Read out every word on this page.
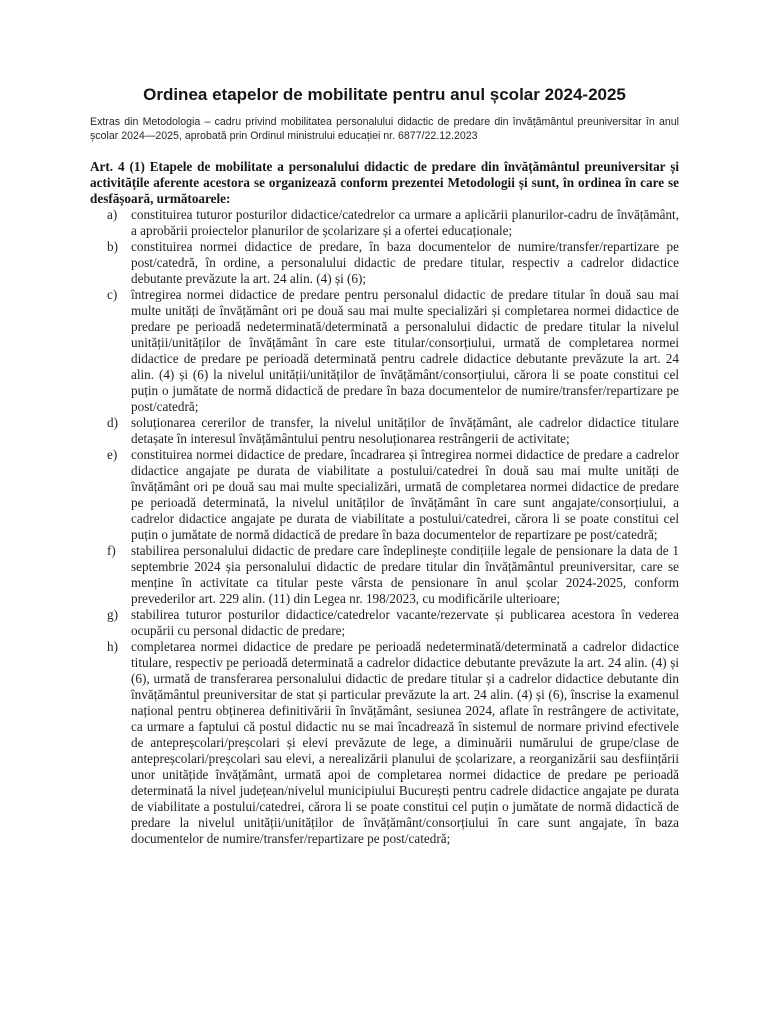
Ordinea etapelor de mobilitate pentru anul școlar 2024-2025

Extras din Metodologia – cadru privind mobilitatea personalului didactic de predare din învățământul preuniversitar în anul școlar 2024—2025, aprobată prin Ordinul ministrului educației nr. 6877/22.12.2023

Art. 4 (1) Etapele de mobilitate a personalului didactic de predare din învățământul preuniversitar și activitățile aferente acestora se organizează conform prezentei Metodologii și sunt, în ordinea în care se desfășoară, următoarele:

a) constituirea tuturor posturilor didactice/catedrelor ca urmare a aplicării planurilor-cadru de învățământ, a aprobării proiectelor planurilor de școlarizare și a ofertei educaționale;
b) constituirea normei didactice de predare, în baza documentelor de numire/transfer/repartizare pe post/catedră, în ordine, a personalului didactic de predare titular, respectiv a cadrelor didactice debutante prevăzute la art. 24 alin. (4) și (6);
c) întregirea normei didactice de predare pentru personalul didactic de predare titular în două sau mai multe unități de învățământ ori pe două sau mai multe specializări și completarea normei didactice de predare pe perioadă nedeterminată/determinată a personalului didactic de predare titular la nivelul unității/unităților de învățământ în care este titular/consorțiului, urmată de completarea normei didactice de predare pe perioadă determinată pentru cadrele didactice debutante prevăzute la art. 24 alin. (4) și (6) la nivelul unității/unităților de învățământ/consorțiului, cărora li se poate constitui cel puțin o jumătate de normă didactică de predare în baza documentelor de numire/transfer/repartizare pe post/catedră;
d) soluționarea cererilor de transfer, la nivelul unităților de învățământ, ale cadrelor didactice titulare detașate în interesul învățământului pentru nesoluționarea restrângerii de activitate;
e) constituirea normei didactice de predare, încadrarea și întregirea normei didactice de predare a cadrelor didactice angajate pe durata de viabilitate a postului/catedrei în două sau mai multe unități de învățământ ori pe două sau mai multe specializări, urmată de completarea normei didactice de predare pe perioadă determinată, la nivelul unităților de învățământ în care sunt angajate/consorțiului, a cadrelor didactice angajate pe durata de viabilitate a postului/catedrei, cărora li se poate constitui cel puțin o jumătate de normă didactică de predare în baza documentelor de repartizare pe post/catedră;
f) stabilirea personalului didactic de predare care îndeplinește condițiile legale de pensionare la data de 1 septembrie 2024 șia personalului didactic de predare titular din învățământul preuniversitar, care se menține în activitate ca titular peste vârsta de pensionare în anul școlar 2024-2025, conform prevederilor art. 229 alin. (11) din Legea nr. 198/2023, cu modificările ulterioare;
g) stabilirea tuturor posturilor didactice/catedrelor vacante/rezervate și publicarea acestora în vederea ocupării cu personal didactic de predare;
h) completarea normei didactice de predare pe perioadă nedeterminată/determinată a cadrelor didactice titulare, respectiv pe perioadă determinată a cadrelor didactice debutante prevăzute la art. 24 alin. (4) și (6), urmată de transferarea personalului didactic de predare titular și a cadrelor didactice debutante din învățământul preuniversitar de stat și particular prevăzute la art. 24 alin. (4) și (6), înscrise la examenul național pentru obținerea definitivării în învățământ, sesiunea 2024, aflate în restrângere de activitate, ca urmare a faptului că postul didactic nu se mai încadrează în sistemul de normare privind efectivele de antepreșcolari/preșcolari și elevi prevăzute de lege, a diminuării numărului de grupe/clase de antepreșcolari/preșcolari sau elevi, a nerealizării planului de școlarizare, a reorganizării sau desființării unor unitățide învățământ, urmată apoi de completarea normei didactice de predare pe perioadă determinată la nivel județean/nivelul municipiului București pentru cadrele didactice angajate pe durata de viabilitate a postului/catedrei, cărora li se poate constitui cel puțin o jumătate de normă didactică de predare la nivelul unității/unităților de învățământ/consorțiului în care sunt angajate, în baza documentelor de numire/transfer/repartizare pe post/catedră;
